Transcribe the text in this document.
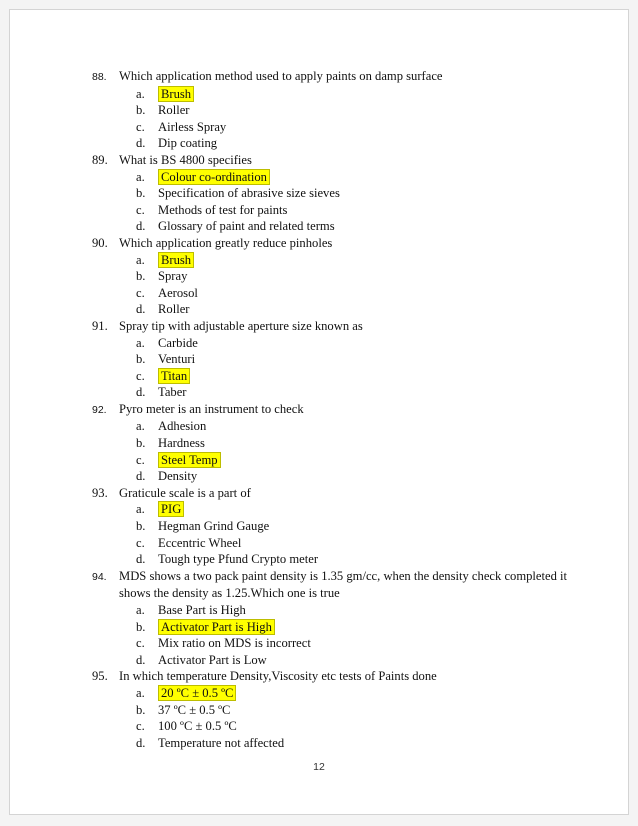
88. Which application method used to apply paints on damp surface
a. Brush
b. Roller
c. Airless Spray
d. Dip coating
89. What is BS 4800 specifies
a. Colour co-ordination
b. Specification of abrasive size sieves
c. Methods of test for paints
d. Glossary of paint and related terms
90. Which application greatly reduce pinholes
a. Brush
b. Spray
c. Aerosol
d. Roller
91. Spray tip with adjustable aperture size known as
a. Carbide
b. Venturi
c. Titan
d. Taber
92. Pyro meter is an instrument to check
a. Adhesion
b. Hardness
c. Steel Temp
d. Density
93. Graticule scale is a part of
a. PIG
b. Hegman Grind Gauge
c. Eccentric Wheel
d. Tough type Pfund Crypto meter
94. MDS shows a two pack paint density is 1.35 gm/cc, when the density check completed it
shows the density as 1.25.Which one is true
a. Base Part is High
b. Activator Part is High
c. Mix ratio on MDS is incorrect
d. Activator Part is Low
95. In which temperature Density,Viscosity etc tests of Paints done
a. 20 ºC ± 0.5 ºC
b. 37 ºC ± 0.5 ºC
c. 100 ºC ± 0.5 ºC
d. Temperature not affected
12
